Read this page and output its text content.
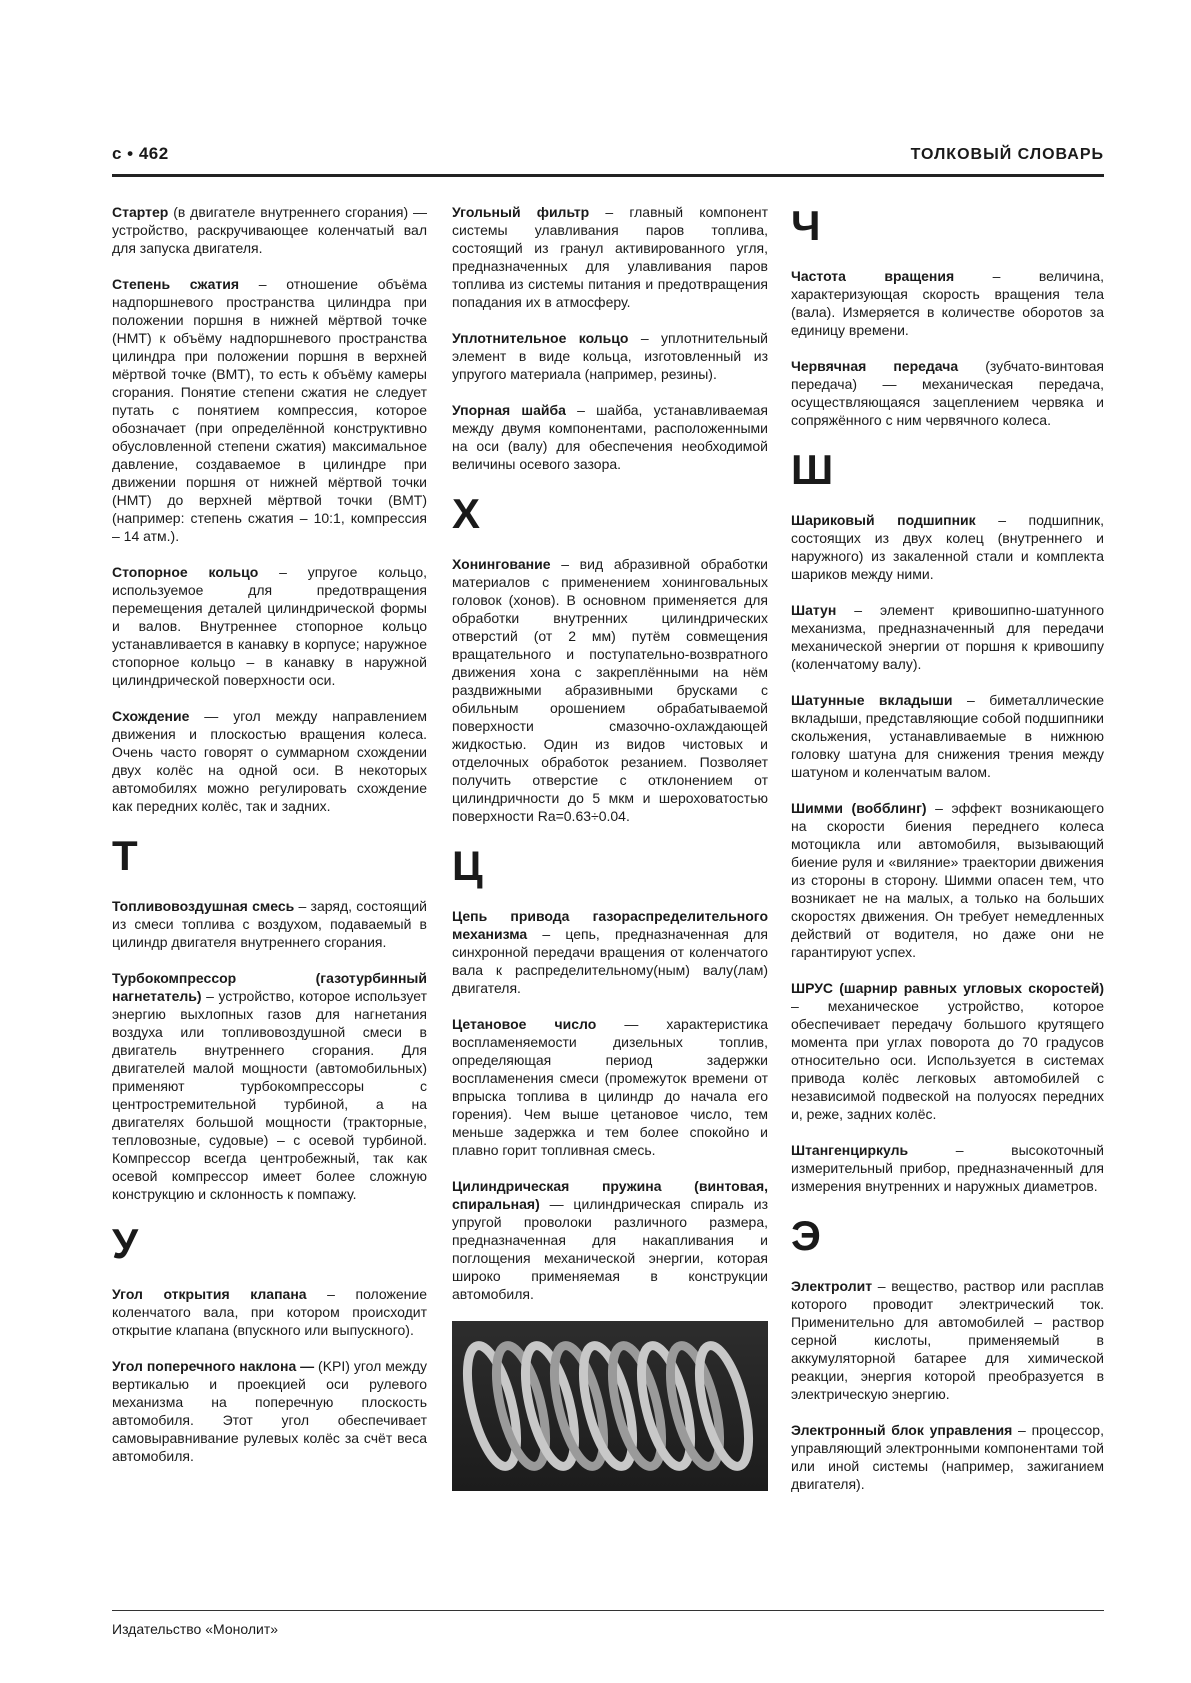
с • 462	ТОЛКОВЫЙ СЛОВАРЬ

Стартер (в двигателе внутреннего сгорания) — устройство, раскручивающее коленчатый вал для запуска двигателя.

Степень сжатия – отношение объёма надпоршневого пространства цилиндра при положении поршня в нижней мёртвой точке (НМТ) к объёму надпоршневого пространства цилиндра при положении поршня в верхней мёртвой точке (ВМТ), то есть к объёму камеры сгорания. Понятие степени сжатия не следует путать с понятием компрессия, которое обозначает (при определённой конструктивно обусловленной степени сжатия) максимальное давление, создаваемое в цилиндре при движении поршня от нижней мёртвой точки (НМТ) до верхней мёртвой точки (ВМТ) (например: степень сжатия – 10:1, компрессия – 14 атм.).

Стопорное кольцо – упругое кольцо, используемое для предотвращения перемещения деталей цилиндрической формы и валов. Внутреннее стопорное кольцо устанавливается в канавку в корпусе; наружное стопорное кольцо – в канавку в наружной цилиндрической поверхности оси.

Схождение — угол между направлением движения и плоскостью вращения колеса. Очень часто говорят о суммарном схождении двух колёс на одной оси. В некоторых автомобилях можно регулировать схождение как передних колёс, так и задних.

Т

Топливовоздушная смесь – заряд, состоящий из смеси топлива с воздухом, подаваемый в цилиндр двигателя внутреннего сгорания.

Турбокомпрессор (газотурбинный нагнетатель) – устройство, которое использует энергию выхлопных газов для нагнетания воздуха или топливовоздушной смеси в двигатель внутреннего сгорания. Для двигателей малой мощности (автомобильных) применяют турбокомпрессоры с центростремительной турбиной, а на двигателях большой мощности (тракторные, тепловозные, судовые) – с осевой турбиной. Компрессор всегда центробежный, так как осевой компрессор имеет более сложную конструкцию и склонность к помпажу.

У

Угол открытия клапана – положение коленчатого вала, при котором происходит открытие клапана (впускного или выпускного).

Угол поперечного наклона — (KPI) угол между вертикалью и проекцией оси рулевого механизма на поперечную плоскость автомобиля. Этот угол обеспечивает самовыравнивание рулевых колёс за счёт веса автомобиля.

Угольный фильтр – главный компонент системы улавливания паров топлива, состоящий из гранул активированного угля, предназначенных для улавливания паров топлива из системы питания и предотвращения попадания их в атмосферу.

Уплотнительное кольцо – уплотнительный элемент в виде кольца, изготовленный из упругого материала (например, резины).

Упорная шайба – шайба, устанавливаемая между двумя компонентами, расположенными на оси (валу) для обеспечения необходимой величины осевого зазора.

Х

Хонингование – вид абразивной обработки материалов с применением хонинговальных головок (хонов). В основном применяется для обработки внутренних цилиндрических отверстий (от 2 мм) путём совмещения вращательного и поступательно-возвратного движения хона с закреплёнными на нём раздвижными абразивными брусками с обильным орошением обрабатываемой поверхности смазочно-охлаждающей жидкостью. Один из видов чистовых и отделочных обработок резанием. Позволяет получить отверстие с отклонением от цилиндричности до 5 мкм и шероховатостью поверхности Ra=0.63÷0.04.

Ц

Цепь привода газораспределительного механизма – цепь, предназначенная для синхронной передачи вращения от коленчатого вала к распределительному(ным) валу(лам) двигателя.

Цетановое число — характеристика воспламеняемости дизельных топлив, определяющая период задержки воспламенения смеси (промежуток времени от впрыска топлива в цилиндр до начала его горения). Чем выше цетановое число, тем меньше задержка и тем более спокойно и плавно горит топливная смесь.

Цилиндрическая пружина (винтовая, спиральная) — цилиндрическая спираль из упругой проволоки различного размера, предназначенная для накапливания и поглощения механической энергии, которая широко применяемая в конструкции автомобиля.

Ч

Частота вращения – величина, характеризующая скорость вращения тела (вала). Измеряется в количестве оборотов за единицу времени.

Червячная передача (зубчато-винтовая передача) — механическая передача, осуществляющаяся зацеплением червяка и сопряжённого с ним червячного колеса.

Ш

Шариковый подшипник – подшипник, состоящих из двух колец (внутреннего и наружного) из закаленной стали и комплекта шариков между ними.

Шатун – элемент кривошипно-шатунного механизма, предназначенный для передачи механической энергии от поршня к кривошипу (коленчатому валу).

Шатунные вкладыши – биметаллические вкладыши, представляющие собой подшипники скольжения, устанавливаемые в нижнюю головку шатуна для снижения трения между шатуном и коленчатым валом.

Шимми (вобблинг) – эффект возникающего на скорости биения переднего колеса мотоцикла или автомобиля, вызывающий биение руля и «виляние» траектории движения из стороны в сторону. Шимми опасен тем, что возникает не на малых, а только на больших скоростях движения. Он требует немедленных действий от водителя, но даже они не гарантируют успех.

ШРУС (шарнир равных угловых скоростей) – механическое устройство, которое обеспечивает передачу большого крутящего момента при углах поворота до 70 градусов относительно оси. Используется в системах привода колёс легковых автомобилей с независимой подвеской на полуосях передних и, реже, задних колёс.

Штангенциркуль – высокоточный измерительный прибор, предназначенный для измерения внутренних и наружных диаметров.

Э

Электролит – вещество, раствор или расплав которого проводит электрический ток. Применительно для автомобилей – раствор серной кислоты, применяемый в аккумуляторной батарее для химической реакции, энергия которой преобразуется в электрическую энергию.

Электронный блок управления – процессор, управляющий электронными компонентами той или иной системы (например, зажиганием двигателя).

Издательство «Монолит»
